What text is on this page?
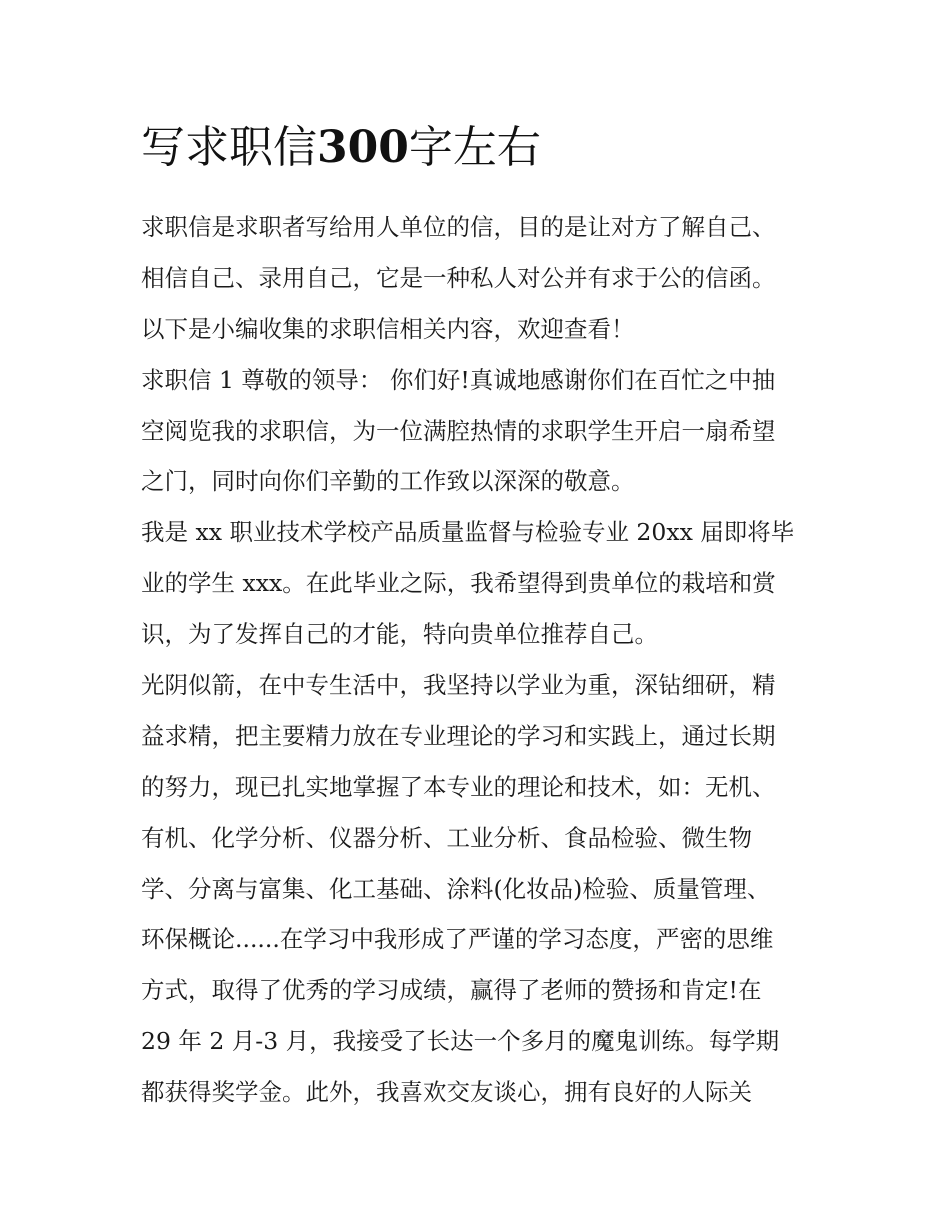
写求职信300字左右

求职信是求职者写给用人单位的信，目的是让对方了解自己、

相信自己、录用自己，它是一种私人对公并有求于公的信函。

以下是小编收集的求职信相关内容，欢迎查看！

求职信 1 尊敬的领导： 你们好!真诚地感谢你们在百忙之中抽

空阅览我的求职信，为一位满腔热情的求职学生开启一扇希望

之门，同时向你们辛勤的工作致以深深的敬意。

我是 xx 职业技术学校产品质量监督与检验专业 20xx 届即将毕

业的学生 xxx。在此毕业之际，我希望得到贵单位的栽培和赏

识，为了发挥自己的才能，特向贵单位推荐自己。

光阴似箭，在中专生活中，我坚持以学业为重，深钻细研，精

益求精，把主要精力放在专业理论的学习和实践上，通过长期

的努力，现已扎实地掌握了本专业的理论和技术，如：无机、

有机、化学分析、仪器分析、工业分析、食品检验、微生物

学、分离与富集、化工基础、涂料(化妆品)检验、质量管理、

环保概论......在学习中我形成了严谨的学习态度，严密的思维

方式，取得了优秀的学习成绩，赢得了老师的赞扬和肯定!在

29 年 2 月-3 月，我接受了长达一个多月的魔鬼训练。每学期

都获得奖学金。此外，我喜欢交友谈心，拥有良好的人际关
